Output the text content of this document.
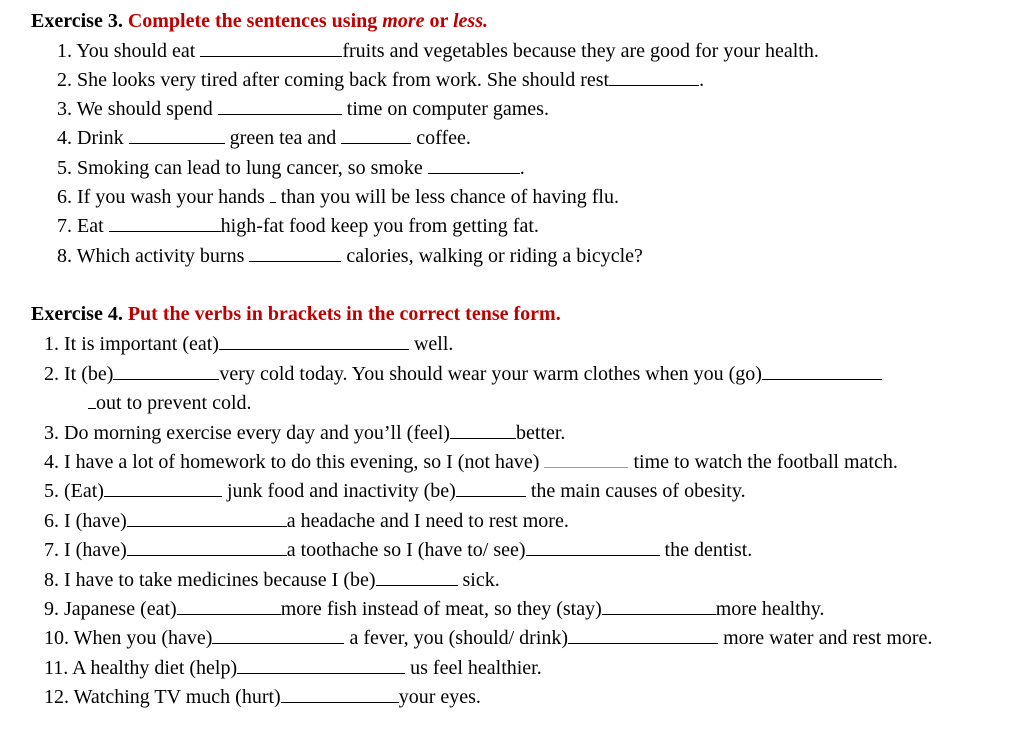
Exercise 3. Complete the sentences using more or less.
1. You should eat	fruits and vegetables because they are good for your health.
2. She looks very tired after coming back from work. She should rest	.
3. We should spend	time on computer games.
4. Drink	green tea and	coffee.
5. Smoking can lead to lung cancer, so smoke	.
6. If you wash your hands than you will be less chance of having flu.
7. Eat	high-fat food keep you from getting fat.
8. Which activity burns	calories, walking or riding a bicycle?
Exercise 4. Put the verbs in brackets in the correct tense form.
1. It is important (eat)	well.
2. It (be)	very cold today. You should wear your warm clothes when you (go)
out to prevent cold.
3. Do morning exercise every day and you’ll (feel)	better.
4. I have a lot of homework to do this evening, so I (not have)	time to watch the football match.
5. (Eat)	junk food and inactivity (be)	the main causes of obesity.
6. I (have)	a headache and I need to rest more.
7. I (have)	a toothache so I (have to/ see)	the dentist.
8. I have to take medicines because I (be)	sick.
9. Japanese (eat)	more fish instead of meat, so they (stay)	more healthy.
10. When you (have)	a fever, you (should/ drink)	more water and rest more.
11. A healthy diet (help)	us feel healthier.
12. Watching TV much (hurt)	your eyes.
